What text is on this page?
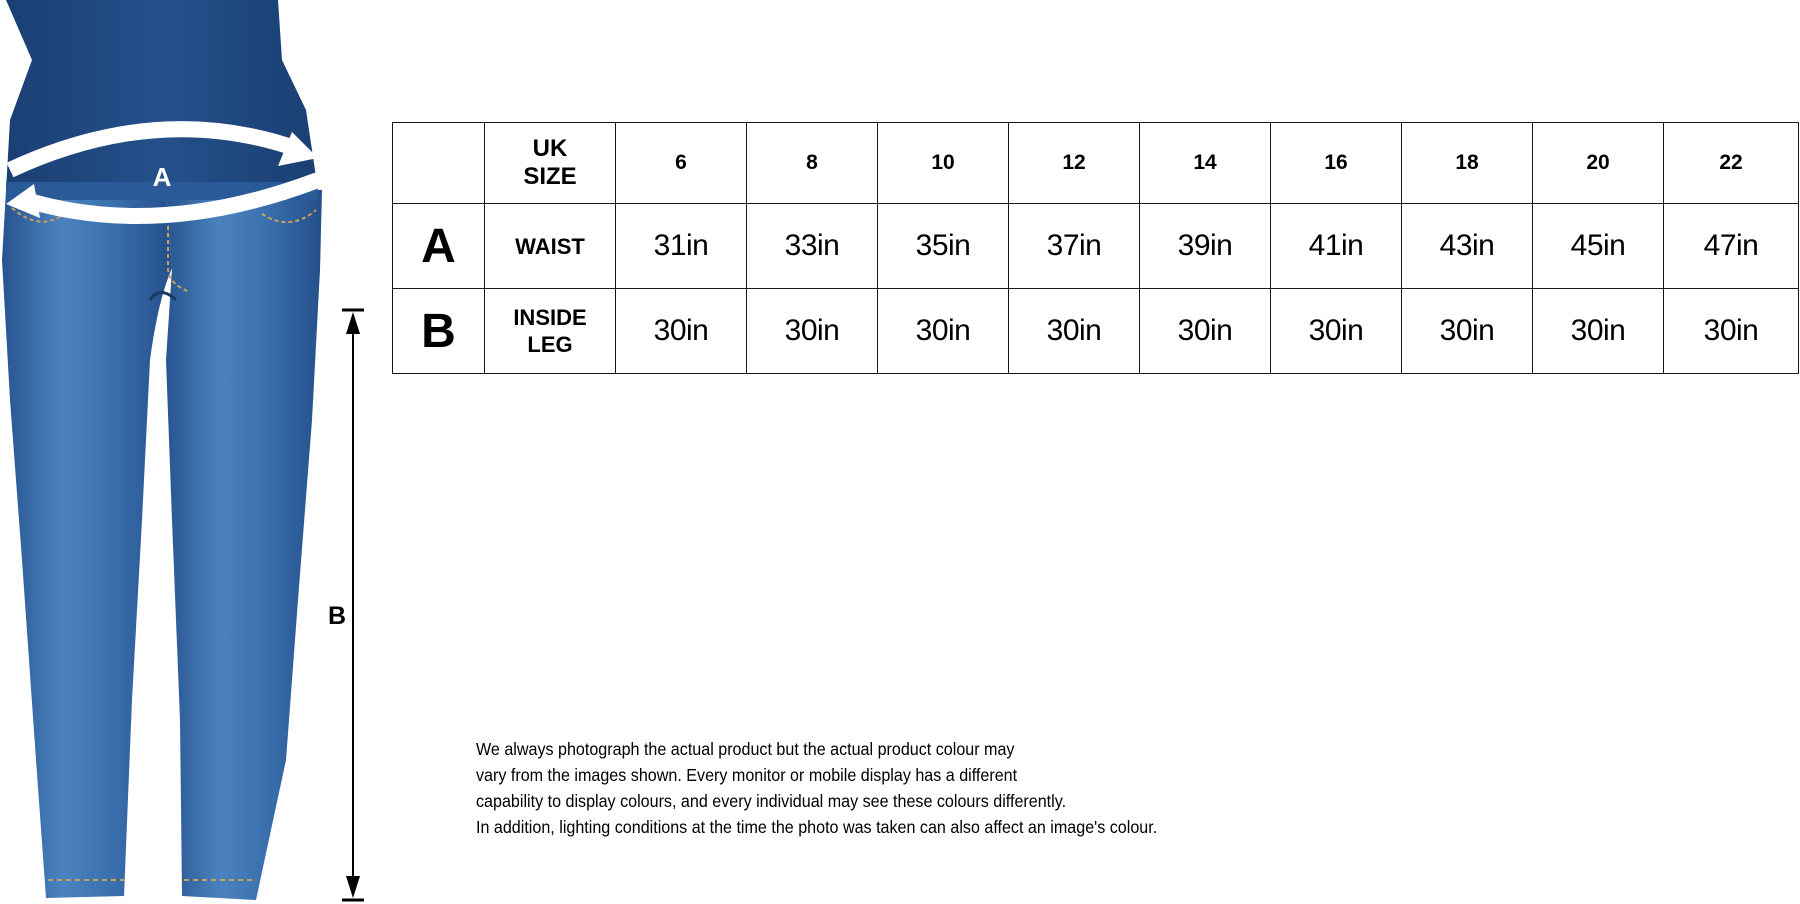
A
B
	UK
SIZE	6	8	10	12	14	16	18	20	22
A	WAIST	31in	33in	35in	37in	39in	41in	43in	45in	47in
B	INSIDE
LEG	30in	30in	30in	30in	30in	30in	30in	30in	30in
We always photograph the actual product but the actual product colour may
vary from the images shown. Every monitor or mobile display has a different
capability to display colours, and every individual may see these colours differently.
In addition, lighting conditions at the time the photo was taken can also affect an image's colour.
